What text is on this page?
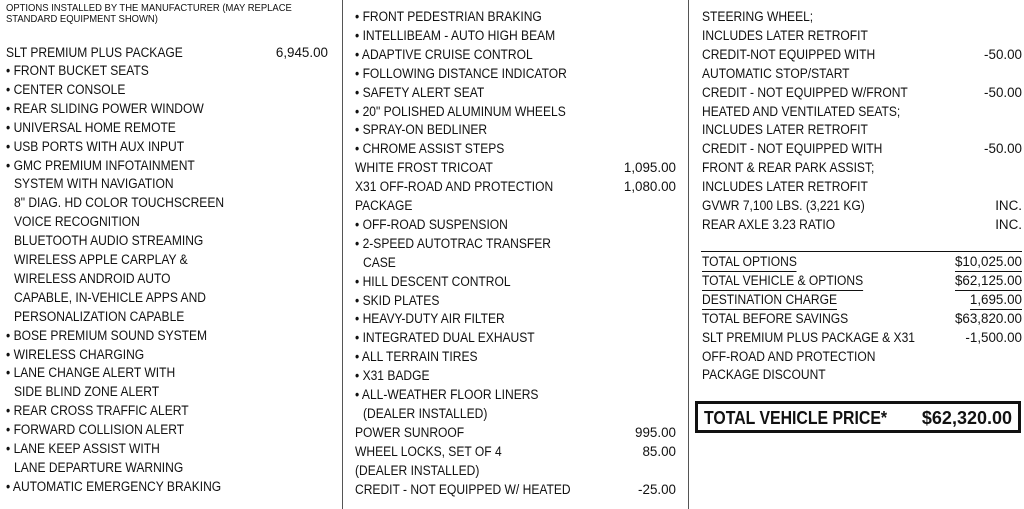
OPTIONS INSTALLED BY THE MANUFACTURER (MAY REPLACE STANDARD EQUIPMENT SHOWN)
SLT PREMIUM PLUS PACKAGE	6,945.00
• FRONT BUCKET SEATS
• CENTER CONSOLE
• REAR SLIDING POWER WINDOW
• UNIVERSAL HOME REMOTE
• USB PORTS WITH AUX INPUT
• GMC PREMIUM INFOTAINMENT
SYSTEM WITH NAVIGATION
8" DIAG. HD COLOR TOUCHSCREEN
VOICE RECOGNITION
BLUETOOTH AUDIO STREAMING
WIRELESS APPLE CARPLAY &
WIRELESS ANDROID AUTO
CAPABLE, IN-VEHICLE APPS AND
PERSONALIZATION CAPABLE
• BOSE PREMIUM SOUND SYSTEM
• WIRELESS CHARGING
• LANE CHANGE ALERT WITH
SIDE BLIND ZONE ALERT
• REAR CROSS TRAFFIC ALERT
• FORWARD COLLISION ALERT
• LANE KEEP ASSIST WITH
LANE DEPARTURE WARNING
• AUTOMATIC EMERGENCY BRAKING
• FRONT PEDESTRIAN BRAKING
• INTELLIBEAM - AUTO HIGH BEAM
• ADAPTIVE CRUISE CONTROL
• FOLLOWING DISTANCE INDICATOR
• SAFETY ALERT SEAT
• 20" POLISHED ALUMINUM WHEELS
• SPRAY-ON BEDLINER
• CHROME ASSIST STEPS
WHITE FROST TRICOAT	1,095.00
X31 OFF-ROAD AND PROTECTION	1,080.00
PACKAGE
• OFF-ROAD SUSPENSION
• 2-SPEED AUTOTRAC TRANSFER
CASE
• HILL DESCENT CONTROL
• SKID PLATES
• HEAVY-DUTY AIR FILTER
• INTEGRATED DUAL EXHAUST
• ALL TERRAIN TIRES
• X31 BADGE
• ALL-WEATHER FLOOR LINERS
(DEALER INSTALLED)
POWER SUNROOF	995.00
WHEEL LOCKS, SET OF 4	85.00
(DEALER INSTALLED)
CREDIT - NOT EQUIPPED W/ HEATED	-25.00
STEERING WHEEL;
INCLUDES LATER RETROFIT
CREDIT-NOT EQUIPPED WITH	-50.00
AUTOMATIC STOP/START
CREDIT - NOT EQUIPPED W/FRONT	-50.00
HEATED AND VENTILATED SEATS;
INCLUDES LATER RETROFIT
CREDIT - NOT EQUIPPED WITH	-50.00
FRONT & REAR PARK ASSIST;
INCLUDES LATER RETROFIT
GVWR 7,100 LBS. (3,221 KG)	INC.
REAR AXLE 3.23 RATIO	INC.
TOTAL OPTIONS	$10,025.00
TOTAL VEHICLE & OPTIONS	$62,125.00
DESTINATION CHARGE	1,695.00
TOTAL BEFORE SAVINGS	$63,820.00
SLT PREMIUM PLUS PACKAGE & X31	-1,500.00
OFF-ROAD AND PROTECTION
PACKAGE DISCOUNT
TOTAL VEHICLE PRICE* $62,320.00
